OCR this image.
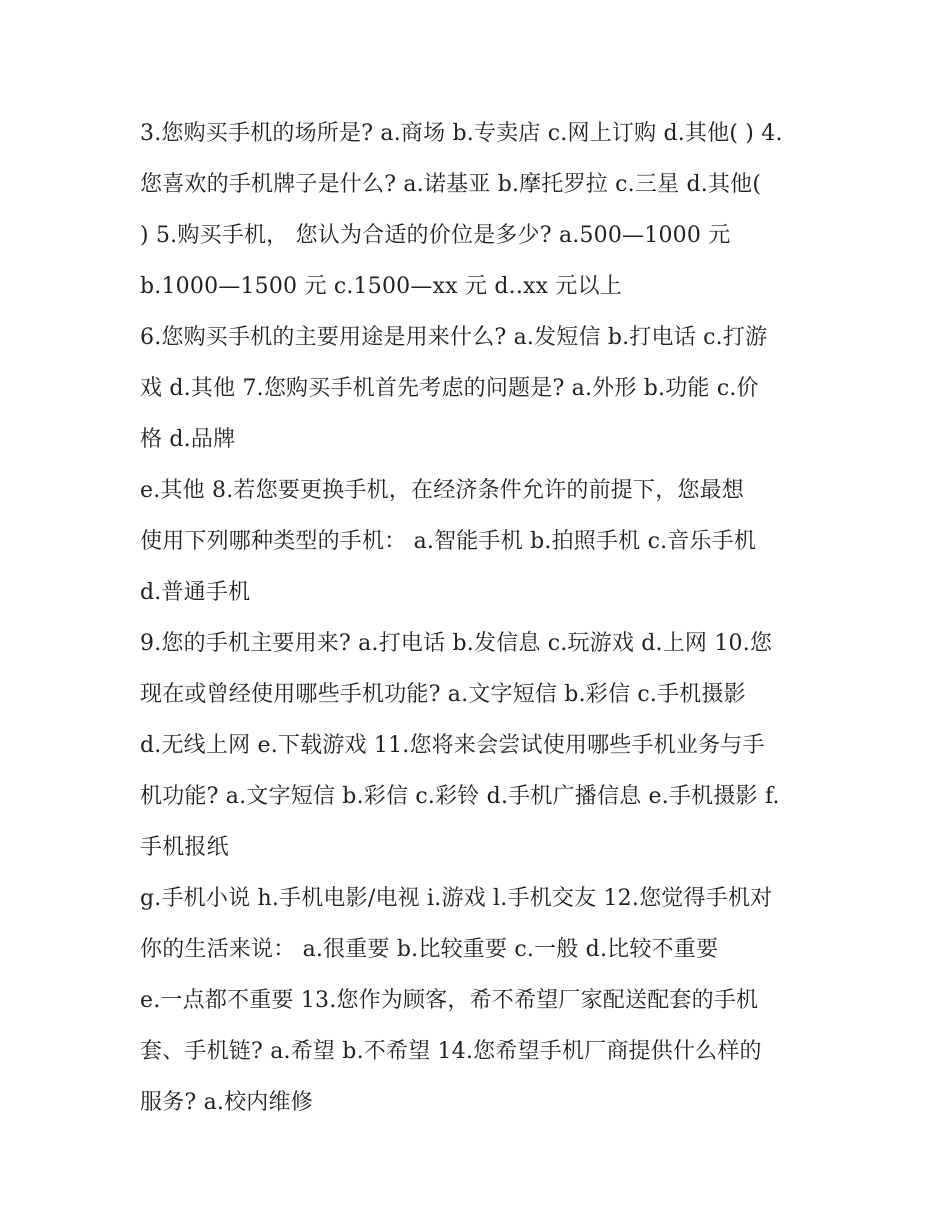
3.您购买手机的场所是? a.商场 b.专卖店 c.网上订购 d.其他( ) 4.
您喜欢的手机牌子是什么? a.诺基亚 b.摩托罗拉 c.三星 d.其他(
) 5.购买手机， 您认为合适的价位是多少? a.500—1000 元
b.1000—1500 元 c.1500—xx 元 d..xx 元以上
6.您购买手机的主要用途是用来什么? a.发短信 b.打电话 c.打游
戏 d.其他 7.您购买手机首先考虑的问题是? a.外形 b.功能 c.价
格 d.品牌
e.其他 8.若您要更换手机，在经济条件允许的前提下，您最想
使用下列哪种类型的手机： a.智能手机 b.拍照手机 c.音乐手机
d.普通手机
9.您的手机主要用来? a.打电话 b.发信息 c.玩游戏 d.上网 10.您
现在或曾经使用哪些手机功能? a.文字短信 b.彩信 c.手机摄影
d.无线上网 e.下载游戏 11.您将来会尝试使用哪些手机业务与手
机功能? a.文字短信 b.彩信 c.彩铃 d.手机广播信息 e.手机摄影 f.
手机报纸
g.手机小说 h.手机电影/电视 i.游戏 l.手机交友 12.您觉得手机对
你的生活来说： a.很重要 b.比较重要 c.一般 d.比较不重要
e.一点都不重要 13.您作为顾客，希不希望厂家配送配套的手机
套、手机链? a.希望 b.不希望 14.您希望手机厂商提供什么样的
服务? a.校内维修
